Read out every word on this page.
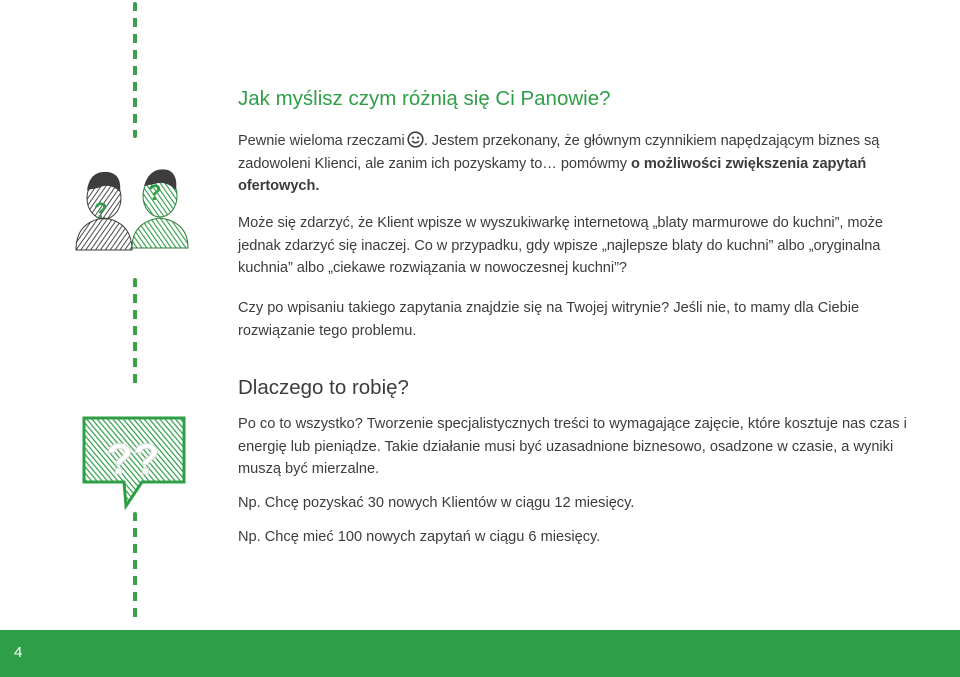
?
?
??
Jak myślisz czym różnią się Ci Panowie?

Pewnie wieloma rzeczami . Jestem przekonany, że głównym czynnikiem napędzającym biznes są zadowoleni Klienci, ale zanim ich pozyskamy to… pomówmy o możliwości zwiększenia zapytań ofertowych.

Może się zdarzyć, że Klient wpisze w wyszukiwarkę internetową „blaty marmurowe do kuchni”, może jednak zdarzyć się inaczej. Co w przypadku, gdy wpisze „najlepsze blaty do kuchni” albo „oryginalna kuchnia” albo „ciekawe rozwiązania w nowoczesnej kuchni”?

Czy po wpisaniu takiego zapytania znajdzie się na Twojej witrynie? Jeśli nie, to mamy dla Ciebie rozwiązanie tego problemu.

Dlaczego to robię?

Po co to wszystko? Tworzenie specjalistycznych treści to wymagające zajęcie, które kosztuje nas czas i energię lub pieniądze. Takie działanie musi być uzasadnione biznesowo, osadzone w czasie, a wyniki muszą być mierzalne.

Np. Chcę pozyskać 30 nowych Klientów w ciągu 12 miesięcy.

Np. Chcę mieć 100 nowych zapytań w ciągu 6 miesięcy.

4
